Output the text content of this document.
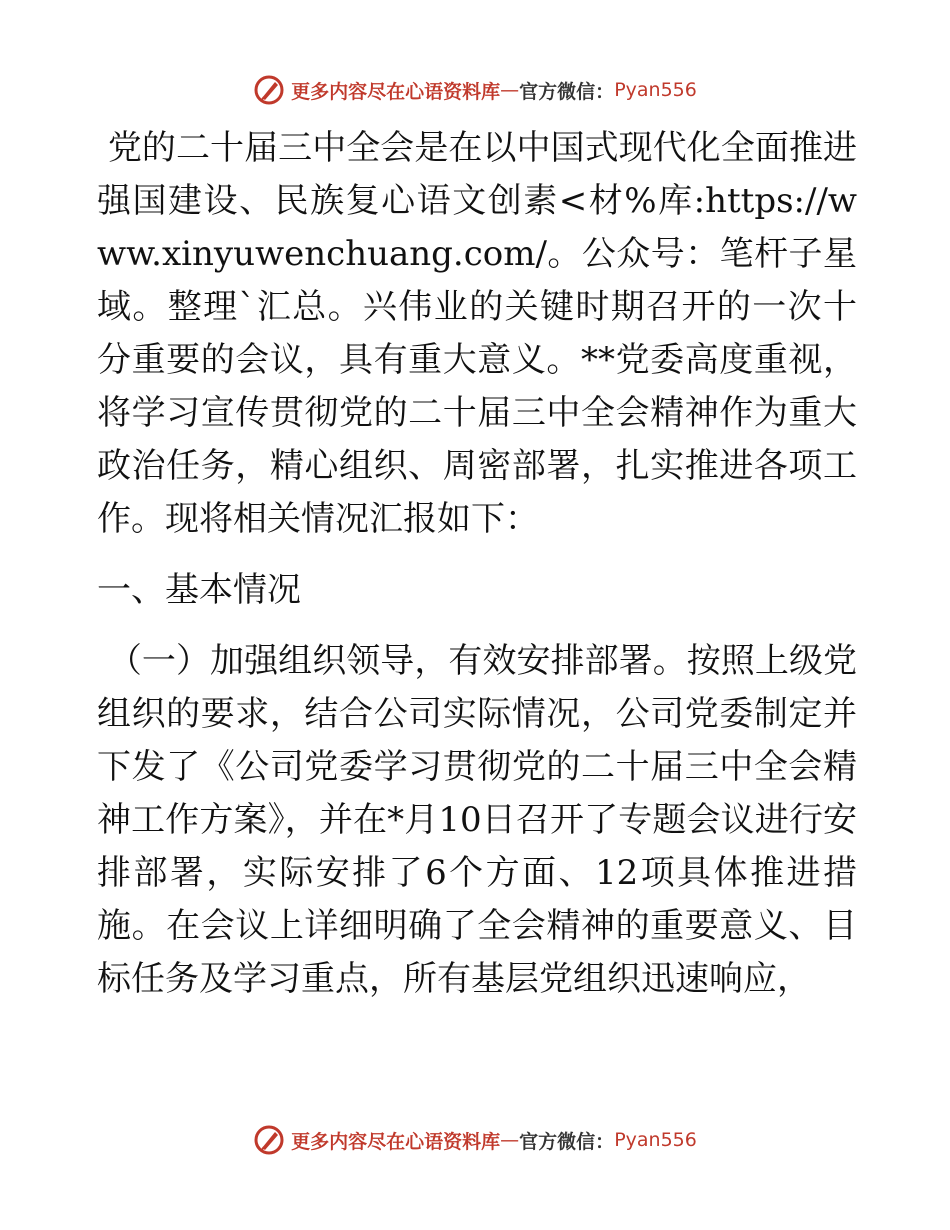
更多内容尽在心语资料库 — 官方微信： Pyan556

党的二十届三中全会是在以中国式现代化全面推进强国建设、民族复心语文创素<材%库:https://www.xinyuwenchuang.com/。公众号：笔杆子星域。整理`汇总。兴伟业的关键时期召开的一次十分重要的会议，具有重大意义。**党委高度重视，将学习宣传贯彻党的二十届三中全会精神作为重大政治任务，精心组织、周密部署，扎实推进各项工作。现将相关情况汇报如下：

一、基本情况

（一）加强组织领导，有效安排部署。按照上级党组织的要求，结合公司实际情况，公司党委制定并下发了《公司党委学习贯彻党的二十届三中全会精神工作方案》，并在*月10日召开了专题会议进行安排部署，实际安排了6个方面、12项具体推进措施。在会议上详细明确了全会精神的重要意义、目标任务及学习重点，所有基层党组织迅速响应，

更多内容尽在心语资料库 — 官方微信： Pyan556
